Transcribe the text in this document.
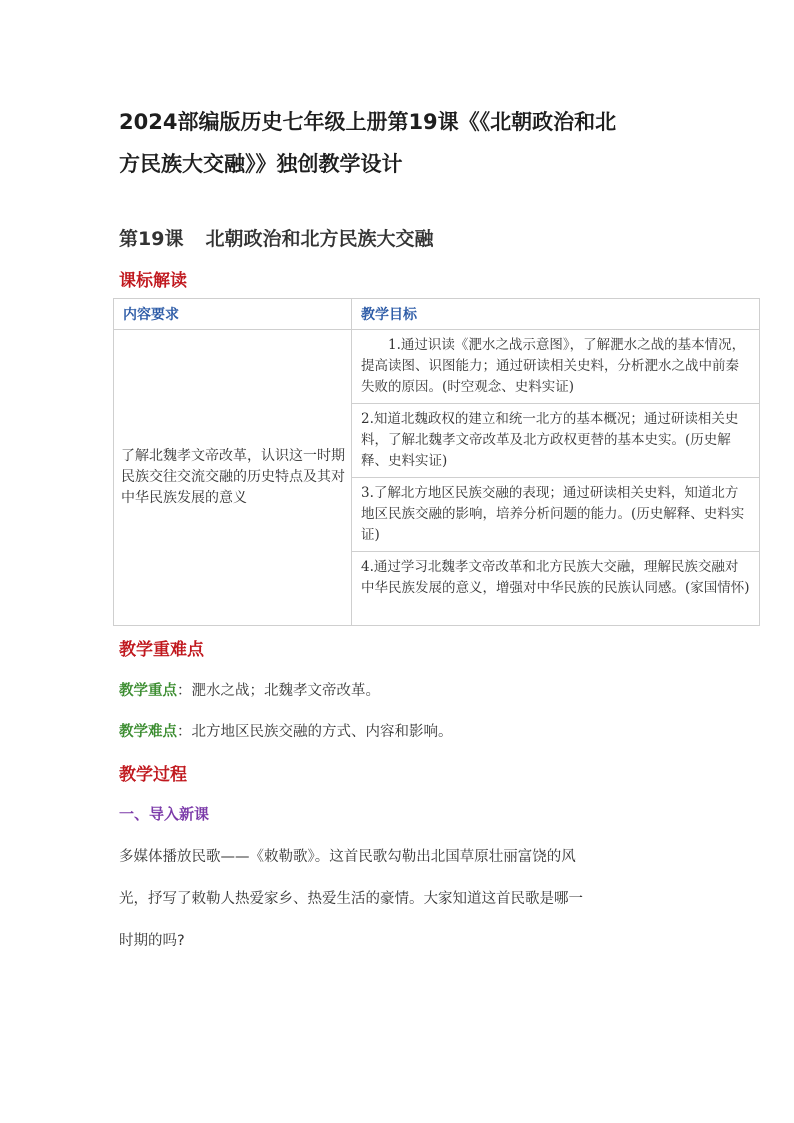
2024部编版历史七年级上册第19课《《北朝政治和北
方民族大交融》》独创教学设计
第19课 北朝政治和北方民族大交融
课标解读
内容要求	教学目标
了解北魏孝文帝改革，认识这一时期民族交往交流交融的历史特点及其对中华民族发展的意义	1.通过识读《淝水之战示意图》，了解淝水之战的基本情况，提高读图、识图能力；通过研读相关史料，分析淝水之战中前秦失败的原因。(时空观念、史料实证)
	2.知道北魏政权的建立和统一北方的基本概况；通过研读相关史料，了解北魏孝文帝改革及北方政权更替的基本史实。(历史解释、史料实证)
	3.了解北方地区民族交融的表现；通过研读相关史料，知道北方地区民族交融的影响，培养分析问题的能力。(历史解释、史料实证)
	4.通过学习北魏孝文帝改革和北方民族大交融，理解民族交融对中华民族发展的意义，增强对中华民族的民族认同感。(家国情怀)
教学重难点
教学重点：淝水之战；北魏孝文帝改革。
教学难点：北方地区民族交融的方式、内容和影响。
教学过程
一、导入新课
多媒体播放民歌——《敕勒歌》。这首民歌勾勒出北国草原壮丽富饶的风
光，抒写了敕勒人热爱家乡、热爱生活的豪情。大家知道这首民歌是哪一
时期的吗?
